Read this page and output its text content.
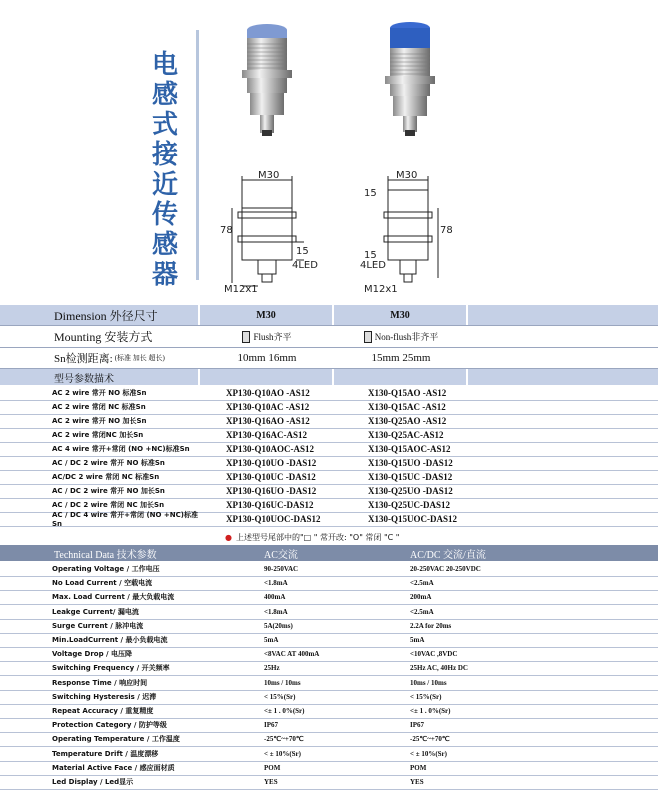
电
感
式
接
近
传
感
器
M30
78
15
4LED
M12x1
M30
15
78
15
4LED
M12x1
Dimension 外径尺寸	M30	M30
Mounting 安装方式	Flush齐平	Non-flush非齐平
Sn检测距离: (标准 加长 超长)	10mm 16mm	15mm 25mm
型号参数描术
AC 2 wire 常开 NO 标准Sn	XP130-Q10AO -AS12	X130-Q15AO -AS12
AC 2 wire 常闭 NC 标准Sn	XP130-Q10AC -AS12	X130-Q15AC -AS12
AC 2 wire 常开 NO 加长Sn	XP130-Q16AO -AS12	X130-Q25AO -AS12
AC 2 wire 常闭NC 加长Sn	XP130-Q16AC-AS12	X130-Q25AC-AS12
AC 4 wire 常开+常闭 (NO +NC)标准Sn	XP130-Q10AOC-AS12	X130-Q15AOC-AS12
AC / DC 2 wire 常开 NO 标准Sn	XP130-Q10UO -DAS12	X130-Q15UO -DAS12
AC/DC 2 wire 常闭 NC 标准Sn	XP130-Q10UC -DAS12	X130-Q15UC -DAS12
AC / DC 2 wire 常开 NO 加长Sn	XP130-Q16UO -DAS12	X130-Q25UO -DAS12
AC / DC 2 wire 常闭 NC 加长Sn	XP130-Q16UC-DAS12	X130-Q25UC-DAS12
AC / DC 4 wire 常开+常闭 (NO +NC)标准Sn	XP130-Q10UOC-DAS12	X130-Q15UOC-DAS12
● 上述型号尾部中的"□ " 常开改: "O" 常闭 "C "
Technical Data 技术参数	AC交流	AC/DC 交流/直流
Operating Voltage / 工作电压	90-250VAC	20-250VAC 20-250VDC
No Load Current / 空载电流	<1.8mA	<2.5mA
Max. Load Current / 最大负载电流	400mA	200mA
Leakge Current/ 漏电流	<1.8mA	<2.5mA
Surge Current / 脉冲电流	5A(20ms)	2.2A for 20ms
Min.LoadCurrent / 最小负载电流	5mA	5mA
Voltage Drop / 电压降	<8VAC AT 400mA	<10VAC ,8VDC
Switching Frequency / 开关频率	25Hz	25Hz AC, 40Hz DC
Response Time / 响应时间	10ms / 10ms	10ms / 10ms
Switching Hysteresis / 迟滞	< 15%(Sr)	< 15%(Sr)
Repeat Accuracy / 重复精度	<± 1 . 0%(Sr)	<± 1 . 0%(Sr)
Protection Category / 防护等级	IP67	IP67
Operating Temperature / 工作温度	-25℃~+70℃	-25℃~+70℃
Temperature Drift / 温度漂移	< ± 10%(Sr)	< ± 10%(Sr)
Material Active Face / 感应面材质	POM	POM
Led Display / Led显示	YES	YES
